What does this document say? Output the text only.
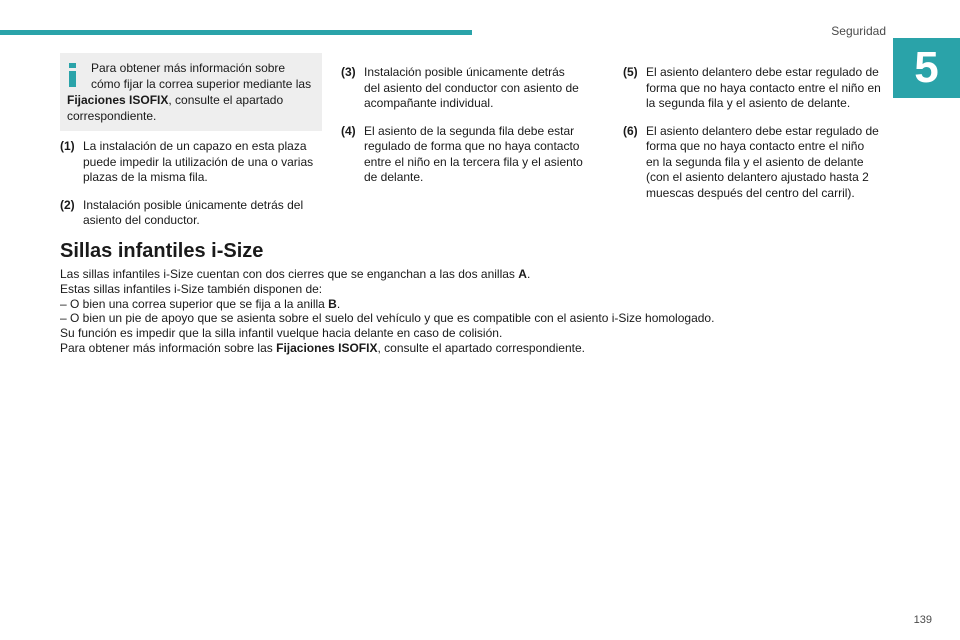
Seguridad
5
Para obtener más información sobre
cómo fijar la correa superior mediante las
Fijaciones ISOFIX, consulte el apartado
correspondiente.
(1) La instalación de un capazo en esta plaza
puede impedir la utilización de una o varias
plazas de la misma fila.
(2) Instalación posible únicamente detrás del
asiento del conductor.
(3) Instalación posible únicamente detrás
del asiento del conductor con asiento de
acompañante individual.
(4) El asiento de la segunda fila debe estar
regulado de forma que no haya contacto
entre el niño en la tercera fila y el asiento
de delante.
(5) El asiento delantero debe estar regulado de
forma que no haya contacto entre el niño en
la segunda fila y el asiento de delante.
(6) El asiento delantero debe estar regulado de
forma que no haya contacto entre el niño
en la segunda fila y el asiento de delante
(con el asiento delantero ajustado hasta 2
muescas después del centro del carril).
Sillas infantiles i-Size
Las sillas infantiles i-Size cuentan con dos cierres que se enganchan a las dos anillas A.
Estas sillas infantiles i-Size también disponen de:
– O bien una correa superior que se fija a la anilla B.
– O bien un pie de apoyo que se asienta sobre el suelo del vehículo y que es compatible con el asiento i-Size homologado.
Su función es impedir que la silla infantil vuelque hacia delante en caso de colisión.
Para obtener más información sobre las Fijaciones ISOFIX, consulte el apartado correspondiente.
139
